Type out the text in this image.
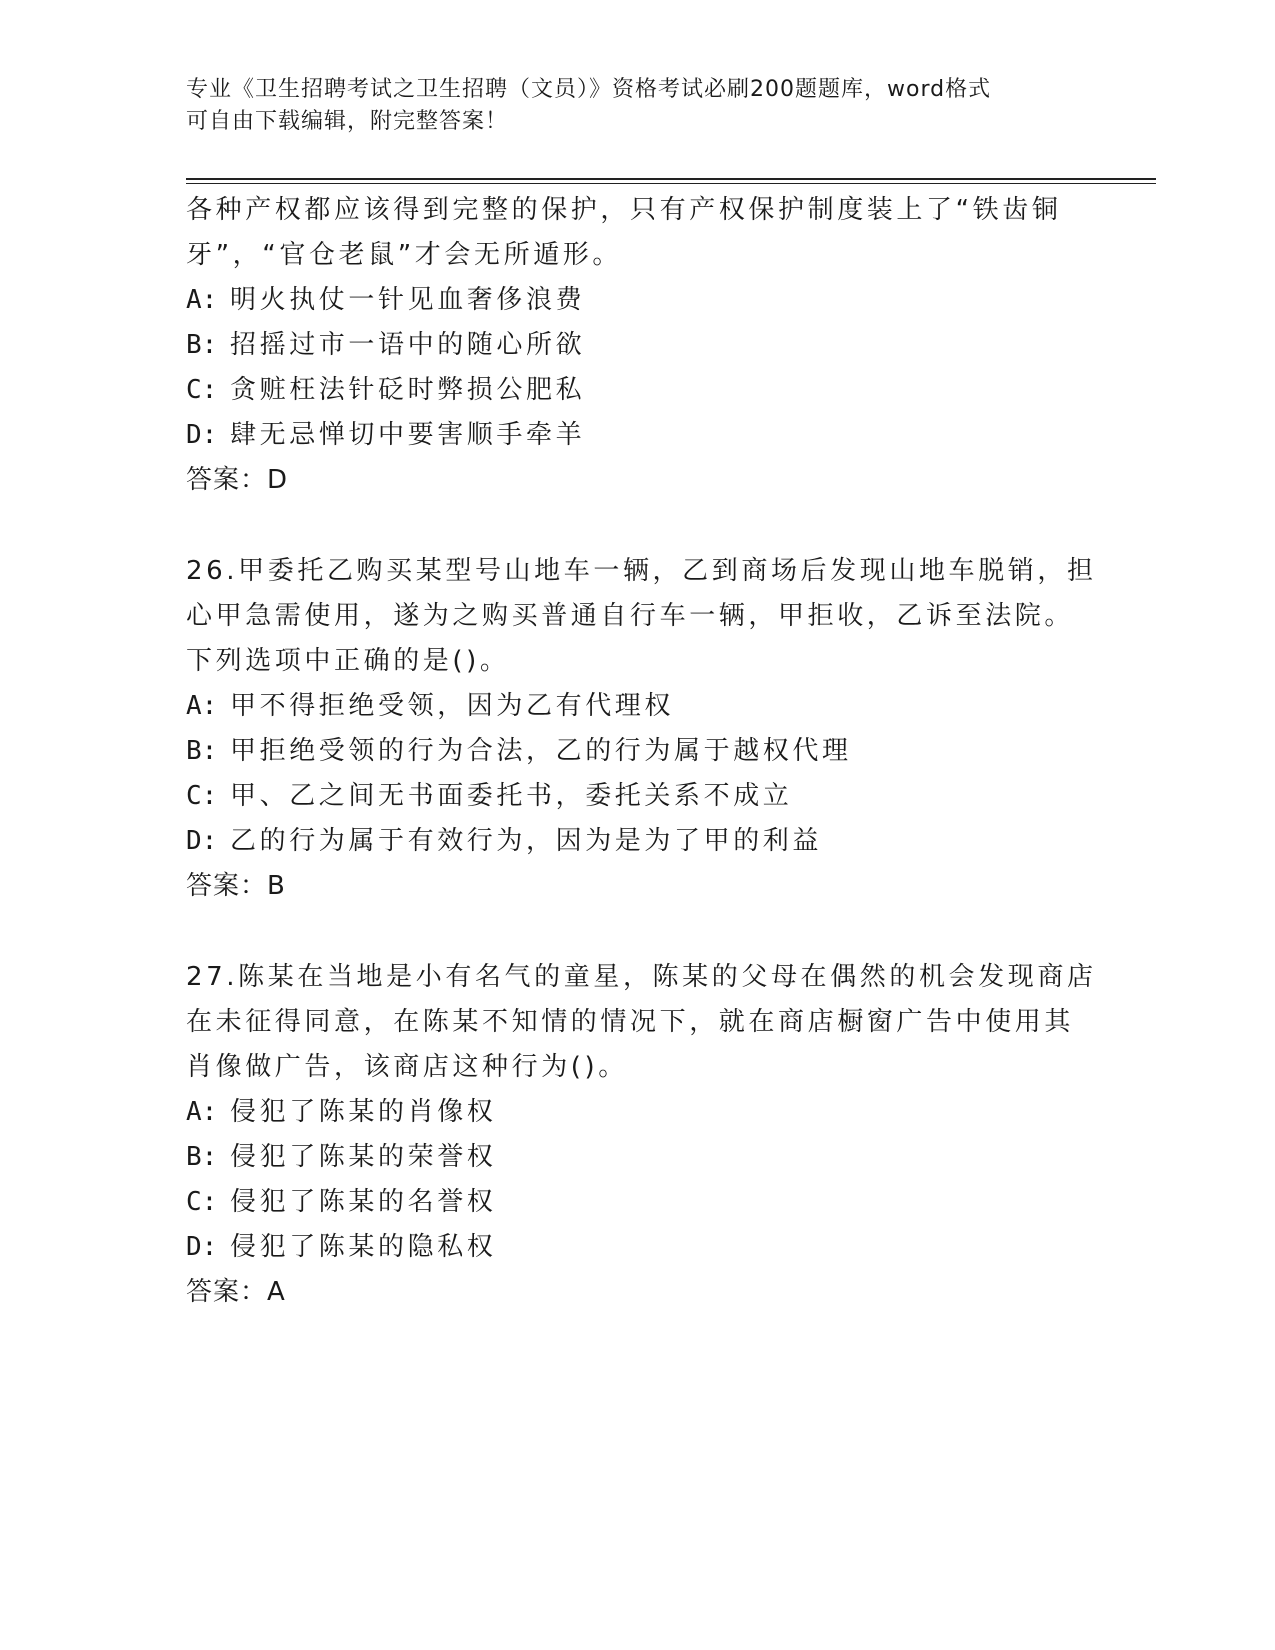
专业《卫生招聘考试之卫生招聘（文员）》资格考试必刷200题题库，word格式
可自由下载编辑，附完整答案！
各种产权都应该得到完整的保护，只有产权保护制度装上了“铁齿铜
牙”，“官仓老鼠”才会无所遁形。
A: 明火执仗一针见血奢侈浪费
B: 招摇过市一语中的随心所欲
C: 贪赃枉法针砭时弊损公肥私
D: 肆无忌惮切中要害顺手牵羊
答案：D
26.甲委托乙购买某型号山地车一辆，乙到商场后发现山地车脱销，担
心甲急需使用，遂为之购买普通自行车一辆，甲拒收，乙诉至法院。
下列选项中正确的是()。
A: 甲不得拒绝受领，因为乙有代理权
B: 甲拒绝受领的行为合法，乙的行为属于越权代理
C: 甲、乙之间无书面委托书，委托关系不成立
D: 乙的行为属于有效行为，因为是为了甲的利益
答案：B
27.陈某在当地是小有名气的童星，陈某的父母在偶然的机会发现商店
在未征得同意，在陈某不知情的情况下，就在商店橱窗广告中使用其
肖像做广告，该商店这种行为()。
A: 侵犯了陈某的肖像权
B: 侵犯了陈某的荣誉权
C: 侵犯了陈某的名誉权
D: 侵犯了陈某的隐私权
答案：A
